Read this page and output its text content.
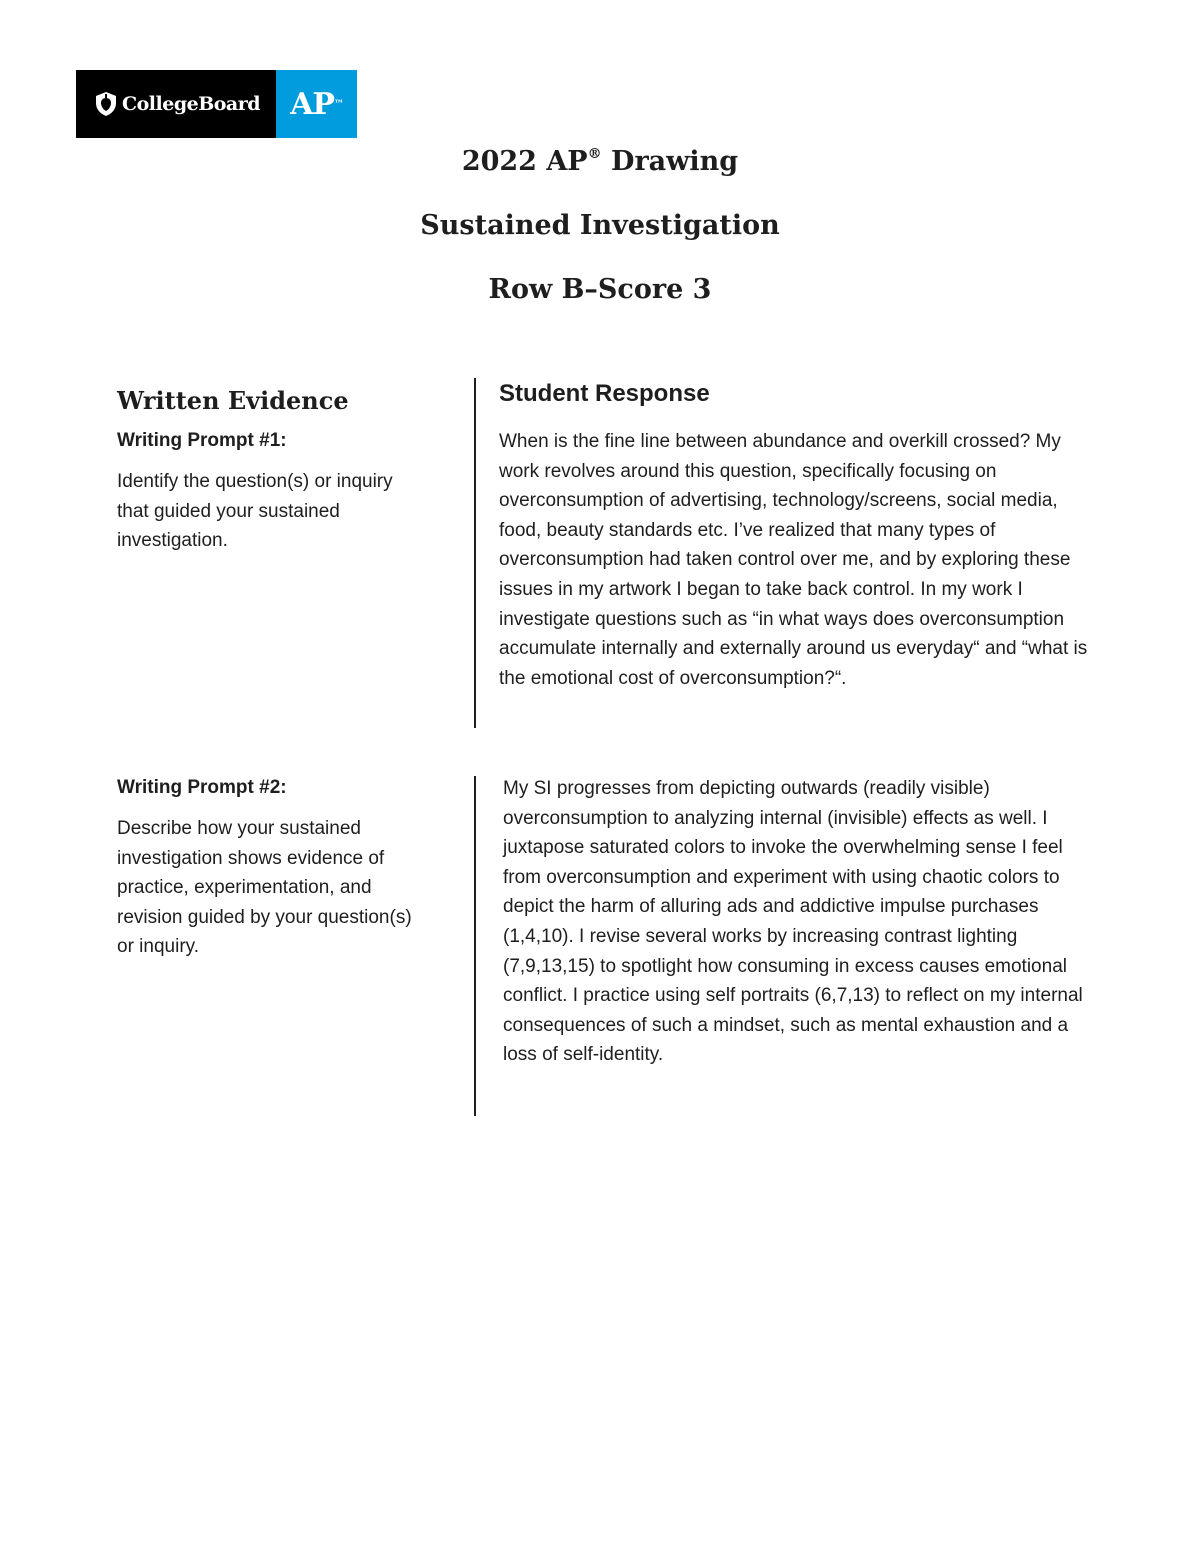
CollegeBoard AP ™
2022 AP® Drawing
Sustained Investigation
Row B–Score 3
Written Evidence

Writing Prompt #1:

Identify the question(s) or inquiry that guided your sustained investigation.

Writing Prompt #2:

Describe how your sustained investigation shows evidence of practice, experimentation, and revision guided by your question(s) or inquiry.

Student Response

When is the fine line between abundance and overkill crossed? My work revolves around this question, specifically focusing on overconsumption of advertising, technology/screens, social media, food, beauty standards etc. I’ve realized that many types of overconsumption had taken control over me, and by exploring these issues in my artwork I began to take back control. In my work I investigate questions such as “in what ways does overconsumption accumulate internally and externally around us everyday“ and “what is the emotional cost of overconsumption?“.

My SI progresses from depicting outwards (readily visible) overconsumption to analyzing internal (invisible) effects as well. I juxtapose saturated colors to invoke the overwhelming sense I feel from overconsumption and experiment with using chaotic colors to depict the harm of alluring ads and addictive impulse purchases (1,4,10). I revise several works by increasing contrast lighting (7,9,13,15) to spotlight how consuming in excess causes emotional conflict. I practice using self portraits (6,7,13) to reflect on my internal consequences of such a mindset, such as mental exhaustion and a loss of self-identity.
